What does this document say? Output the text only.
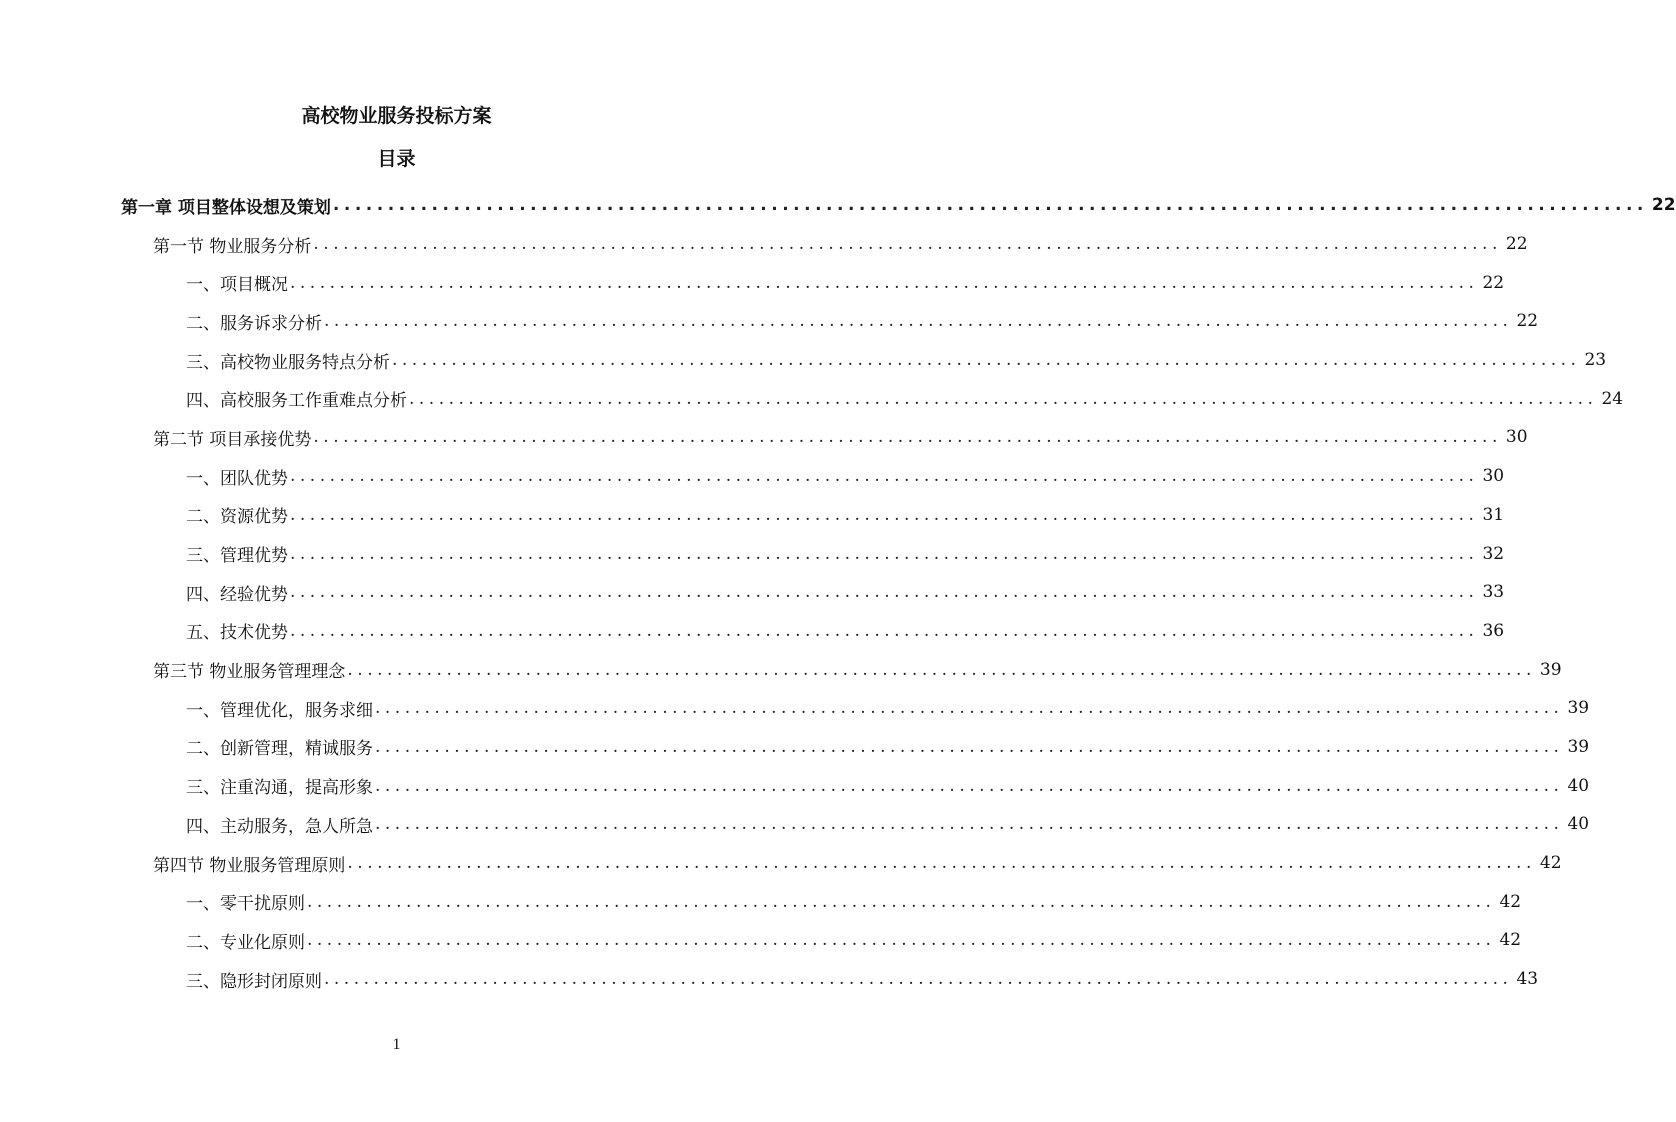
高校物业服务投标方案
目录
第一章 项目整体设想及策划 ........................................................................................................................ 22
第一节 物业服务分析 ........................................................................................................................ 22
一、项目概况 ........................................................................................................................ 22
二、服务诉求分析 ........................................................................................................................ 22
三、高校物业服务特点分析 ........................................................................................................................ 23
四、高校服务工作重难点分析 ........................................................................................................................ 24
第二节 项目承接优势 ........................................................................................................................ 30
一、团队优势 ........................................................................................................................ 30
二、资源优势 ........................................................................................................................ 31
三、管理优势 ........................................................................................................................ 32
四、经验优势 ........................................................................................................................ 33
五、技术优势 ........................................................................................................................ 36
第三节 物业服务管理理念 ........................................................................................................................ 39
一、管理优化，服务求细 ........................................................................................................................ 39
二、创新管理，精诚服务 ........................................................................................................................ 39
三、注重沟通，提高形象 ........................................................................................................................ 40
四、主动服务，急人所急 ........................................................................................................................ 40
第四节 物业服务管理原则 ........................................................................................................................ 42
一、零干扰原则 ........................................................................................................................ 42
二、专业化原则 ........................................................................................................................ 42
三、隐形封闭原则 ........................................................................................................................ 43
1
